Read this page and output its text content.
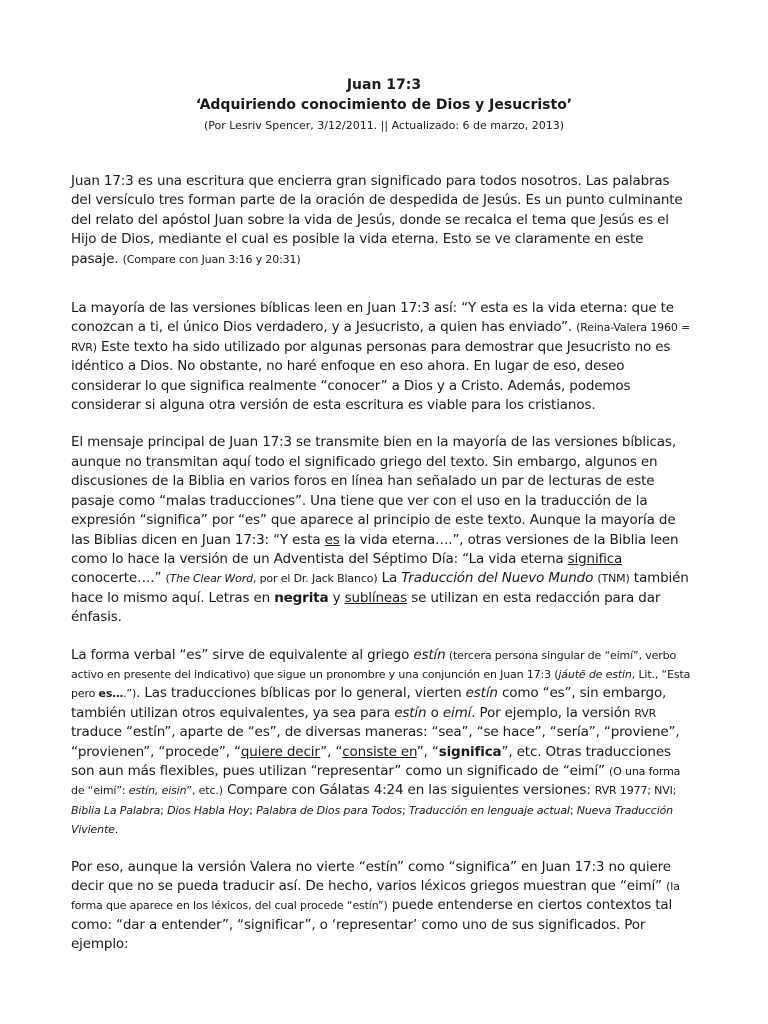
Juan 17:3
‘Adquiriendo conocimiento de Dios y Jesucristo’
(Por Lesriv Spencer, 3/12/2011. || Actualizado: 6 de marzo, 2013)

Juan 17:3 es una escritura que encierra gran significado para todos nosotros. Las palabras del versículo tres forman parte de la oración de despedida de Jesús. Es un punto culminante del relato del apóstol Juan sobre la vida de Jesús, donde se recalca el tema que Jesús es el Hijo de Dios, mediante el cual es posible la vida eterna. Esto se ve claramente en este pasaje. (Compare con Juan 3:16 y 20:31)

La mayoría de las versiones bíblicas leen en Juan 17:3 así: “Y esta es la vida eterna: que te conozcan a ti, el único Dios verdadero, y a Jesucristo, a quien has enviado”. (Reina-Valera 1960 = RVR) Este texto ha sido utilizado por algunas personas para demostrar que Jesucristo no es idéntico a Dios. No obstante, no haré enfoque en eso ahora. En lugar de eso, deseo considerar lo que significa realmente “conocer” a Dios y a Cristo. Además, podemos considerar si alguna otra versión de esta escritura es viable para los cristianos.

El mensaje principal de Juan 17:3 se transmite bien en la mayoría de las versiones bíblicas, aunque no transmitan aquí todo el significado griego del texto. Sin embargo, algunos en discusiones de la Biblia en varios foros en línea han señalado un par de lecturas de este pasaje como “malas traducciones”. Una tiene que ver con el uso en la traducción de la expresión “significa” por “es” que aparece al principio de este texto. Aunque la mayoría de las Biblias dicen en Juan 17:3: “Y esta es la vida eterna….”, otras versiones de la Biblia leen como lo hace la versión de un Adventista del Séptimo Día: “La vida eterna significa conocerte….” (The Clear Word, por el Dr. Jack Blanco) La Traducción del Nuevo Mundo (TNM) también hace lo mismo aquí. Letras en negrita y sublíneas se utilizan en esta redacción para dar énfasis.

La forma verbal “es” sirve de equivalente al griego estín (tercera persona singular de “eimí”, verbo activo en presente del indicativo) que sigue un pronombre y una conjunción en Juan 17:3 (jáutē de estin, Lit., “Esta pero es….”). Las traducciones bíblicas por lo general, vierten estín como “es”, sin embargo, también utilizan otros equivalentes, ya sea para estín o eimí. Por ejemplo, la versión RVR traduce “estín”, aparte de “es”, de diversas maneras: “sea”, “se hace”, “sería”, “proviene”, “provienen”, “procede”, “quiere decir”, “consiste en”, “significa”, etc. Otras traducciones son aun más flexibles, pues utilizan “representar” como un significado de “eimí” (O una forma de “eimí”: estín, eisin”, etc.) Compare con Gálatas 4:24 en las siguientes versiones: RVR 1977; NVI; Biblia La Palabra; Dios Habla Hoy; Palabra de Dios para Todos; Traducción en lenguaje actual; Nueva Traducción Viviente.

Por eso, aunque la versión Valera no vierte “estín” como “significa” en Juan 17:3 no quiere decir que no se pueda traducir así. De hecho, varios léxicos griegos muestran que “eimí” (la forma que aparece en los léxicos, del cual procede “estín”) puede entenderse en ciertos contextos tal como: “dar a entender”, “significar”, o ‘representar’ como uno de sus significados. Por ejemplo:
